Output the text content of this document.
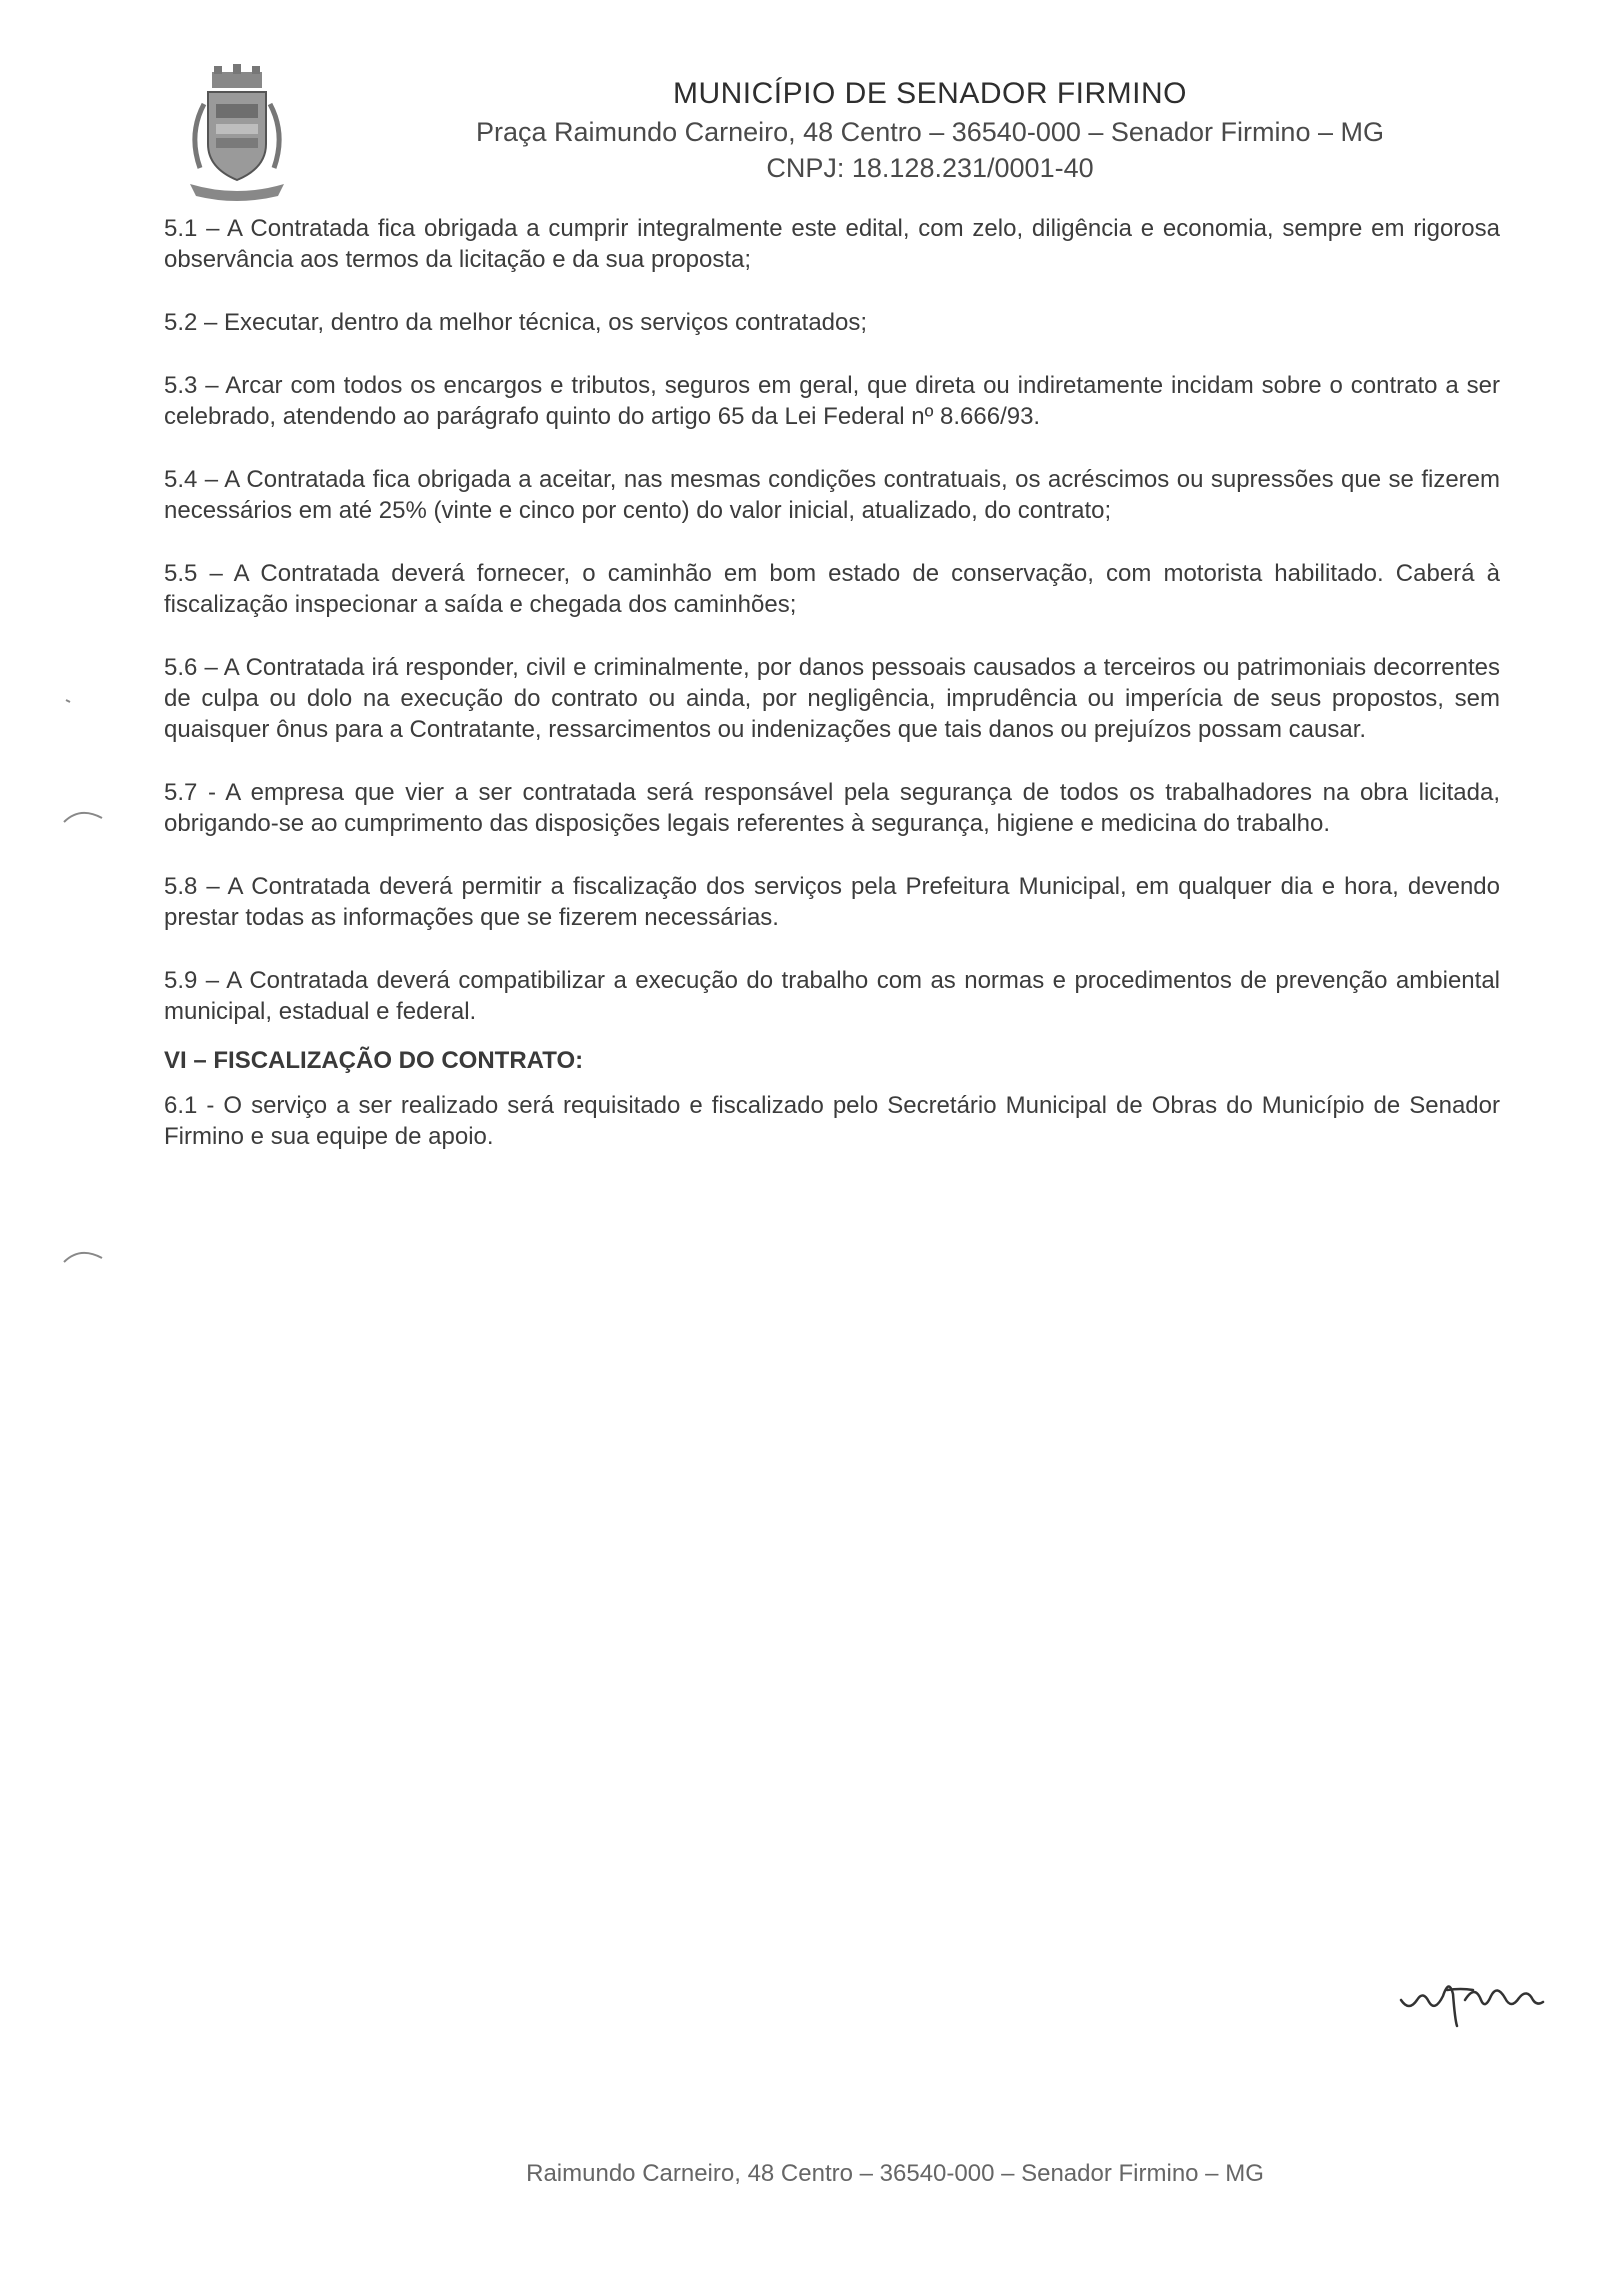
MUNICÍPIO DE SENADOR FIRMINO
Praça Raimundo Carneiro, 48 Centro – 36540-000 – Senador Firmino – MG
CNPJ: 18.128.231/0001-40

5.1 – A Contratada fica obrigada a cumprir integralmente este edital, com zelo, diligência e economia, sempre em rigorosa observância aos termos da licitação e da sua proposta;

5.2 – Executar, dentro da melhor técnica, os serviços contratados;

5.3 – Arcar com todos os encargos e tributos, seguros em geral, que direta ou indiretamente incidam sobre o contrato a ser celebrado, atendendo ao parágrafo quinto do artigo 65 da Lei Federal nº 8.666/93.

5.4 – A Contratada fica obrigada a aceitar, nas mesmas condições contratuais, os acréscimos ou supressões que se fizerem necessários em até 25% (vinte e cinco por cento) do valor inicial, atualizado, do contrato;

5.5 – A Contratada deverá fornecer, o caminhão em bom estado de conservação, com motorista habilitado. Caberá à fiscalização inspecionar a saída e chegada dos caminhões;

5.6 – A Contratada irá responder, civil e criminalmente, por danos pessoais causados a terceiros ou patrimoniais decorrentes de culpa ou dolo na execução do contrato ou ainda, por negligência, imprudência ou imperícia de seus propostos, sem quaisquer ônus para a Contratante, ressarcimentos ou indenizações que tais danos ou prejuízos possam causar.

5.7 - A empresa que vier a ser contratada será responsável pela segurança de todos os trabalhadores na obra licitada, obrigando-se ao cumprimento das disposições legais referentes à segurança, higiene e medicina do trabalho.

5.8 – A Contratada deverá permitir a fiscalização dos serviços pela Prefeitura Municipal, em qualquer dia e hora, devendo prestar todas as informações que se fizerem necessárias.

5.9 – A Contratada deverá compatibilizar a execução do trabalho com as normas e procedimentos de prevenção ambiental municipal, estadual e federal.

VI – FISCALIZAÇÃO DO CONTRATO:

6.1 - O serviço a ser realizado será requisitado e fiscalizado pelo Secretário Municipal de Obras do Município de Senador Firmino e sua equipe de apoio.

Raimundo Carneiro, 48 Centro – 36540-000 – Senador Firmino – MG
